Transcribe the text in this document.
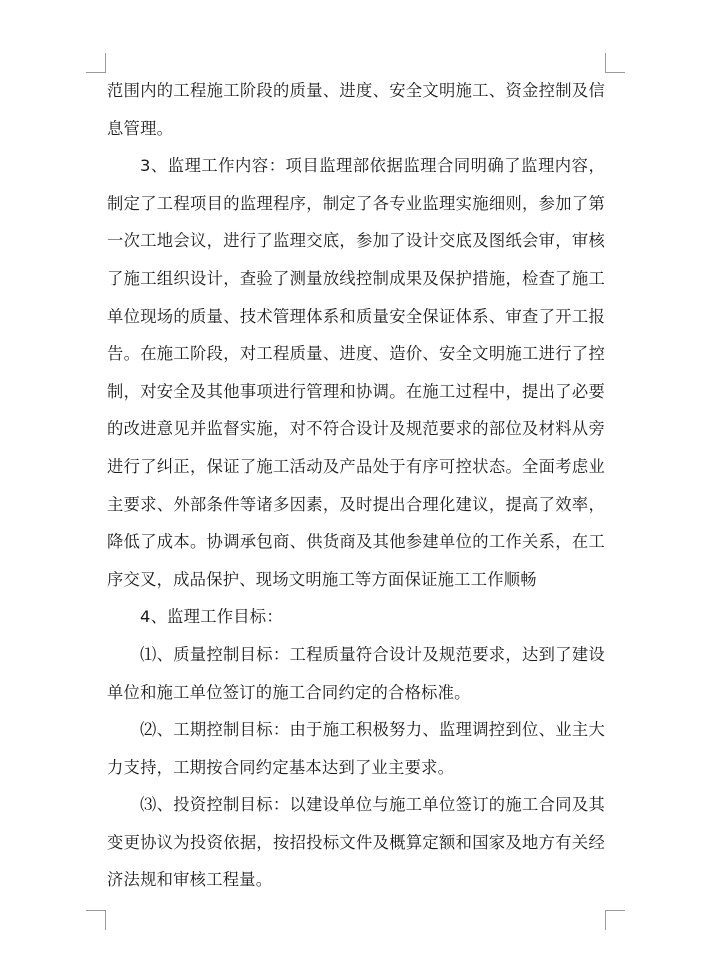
范围内的工程施工阶段的质量、进度、安全文明施工、资金控制及信息管理。

3、监理工作内容：项目监理部依据监理合同明确了监理内容，制定了工程项目的监理程序，制定了各专业监理实施细则，参加了第一次工地会议，进行了监理交底，参加了设计交底及图纸会审，审核了施工组织设计，查验了测量放线控制成果及保护措施，检查了施工单位现场的质量、技术管理体系和质量安全保证体系、审查了开工报告。在施工阶段，对工程质量、进度、造价、安全文明施工进行了控制，对安全及其他事项进行管理和协调。在施工过程中，提出了必要的改进意见并监督实施，对不符合设计及规范要求的部位及材料从旁进行了纠正，保证了施工活动及产品处于有序可控状态。全面考虑业主要求、外部条件等诸多因素，及时提出合理化建议，提高了效率，降低了成本。协调承包商、供货商及其他参建单位的工作关系，在工序交叉，成品保护、现场文明施工等方面保证施工工作顺畅

4、监理工作目标：

⑴、质量控制目标：工程质量符合设计及规范要求，达到了建设单位和施工单位签订的施工合同约定的合格标准。

⑵、工期控制目标：由于施工积极努力、监理调控到位、业主大力支持，工期按合同约定基本达到了业主要求。

⑶、投资控制目标：以建设单位与施工单位签订的施工合同及其变更协议为投资依据，按招投标文件及概算定额和国家及地方有关经济法规和审核工程量。
